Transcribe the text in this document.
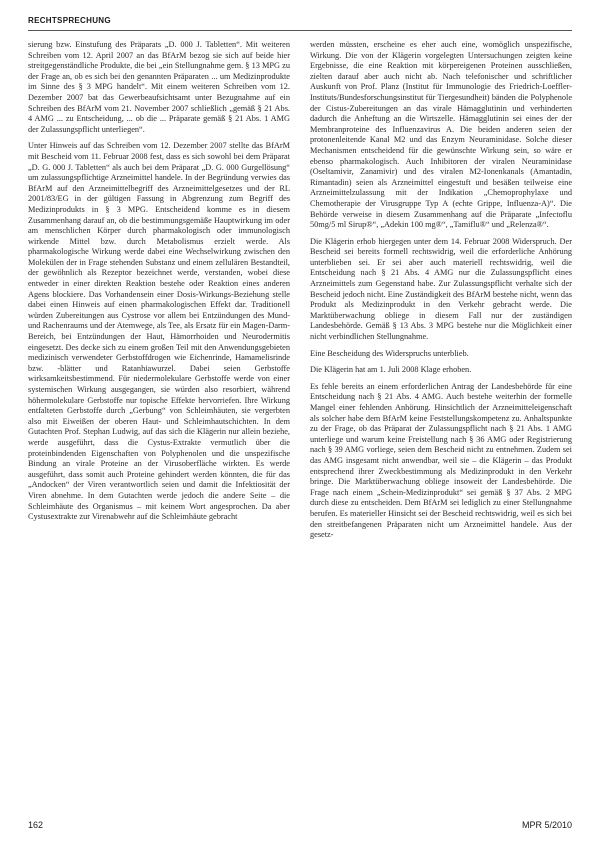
RECHTSPRECHUNG

sierung bzw. Einstufung des Präparats „D. 000 J. Tabletten“. Mit weiteren Schreiben vom 12. April 2007 an das BfArM bezog sie sich auf beide hier streitgegenständliche Produkte, die bei „ein Stellungnahme gem. § 13 MPG zu der Frage an, ob es sich bei den genannten Präparaten ... um Medizinprodukte im Sinne des § 3 MPG handelt“. Mit einem weiteren Schreiben vom 12. Dezember 2007 bat das Gewerbeaufsichtsamt unter Bezugnahme auf ein Schreiben des BfArM vom 21. November 2007 schließlich „gemäß § 21 Abs. 4 AMG ... zu Entscheidung, ... ob die ... Präparate gemäß § 21 Abs. 1 AMG der Zulassungspflicht unterliegen“.

Unter Hinweis auf das Schreiben vom 12. Dezember 2007 stellte das BfArM mit Bescheid vom 11. Februar 2008 fest, dass es sich sowohl bei dem Präparat „D. G. 000 J. Tabletten“ als auch bei dem Präparat „D. G. 000 Gurgellösung“ um zulassungspflichtige Arzneimittel handele. In der Begründung verwies das BfArM auf den Arzneimittelbegriff des Arzneimittelgesetzes und der RL 2001/83/EG in der gültigen Fassung in Abgrenzung zum Begriff des Medizinprodukts in § 3 MPG. Entscheidend komme es in diesem Zusammenhang darauf an, ob die bestimmungsgemäße Hauptwirkung im oder am menschlichen Körper durch pharmakologisch oder immunologisch wirkende Mittel bzw. durch Metabolismus erzielt werde. Als pharmakologische Wirkung werde dabei eine Wechselwirkung zwischen den Molekülen der in Frage stehenden Substanz und einem zellulären Bestandteil, der gewöhnlich als Rezeptor bezeichnet werde, verstanden, wobei diese entweder in einer direkten Reaktion bestehe oder Reaktion eines anderen Agens blockiere. Das Vorhandensein einer Dosis-Wirkungs-Beziehung stelle dabei einen Hinweis auf einen pharmakologischen Effekt dar. Traditionell würden Zubereitungen aus Cystrose vor allem bei Entzündungen des Mund- und Rachenraums und der Atemwege, als Tee, als Ersatz für ein Magen-Darm-Bereich, bei Entzündungen der Haut, Hämorrhoiden und Neurodermitis eingesetzt. Des decke sich zu einem großen Teil mit den Anwendungsgebieten medizinisch verwendeter Gerbstoffdrogen wie Eichenrinde, Hamamelisrinde bzw. -blätter und Ratanhiawurzel. Dabei seien Gerbstoffe wirksamkeitsbestimmend. Für niedermolekulare Gerbstoffe werde von einer systemischen Wirkung ausgegangen, sie würden also resorbiert, während höhermolekulare Gerbstoffe nur topische Effekte hervorriefen. Ihre Wirkung entfalteten Gerbstoffe durch „Gerbung“ von Schleimhäuten, sie vergerbten also mit Eiweißen der oberen Haut- und Schleimhautschichten. In dem Gutachten Prof. Stephan Ludwig, auf das sich die Klägerin nur allein beziehe, werde ausgeführt, dass die Cystus-Extrakte vermutlich über die proteinbindenden Eigenschaften von Polyphenolen und die unspezifische Bindung an virale Proteine an der Virusoberfläche wirkten. Es werde ausgeführt, dass somit auch Proteine gehindert werden könnten, die für das „Andocken“ der Viren verantwortlich seien und damit die Infektiosität der Viren abnehme. In dem Gutachten werde jedoch die andere Seite – die Schleimhäute des Organismus – mit keinem Wort angesprochen. Da aber Cystusextrakte zur Virenabwehr auf die Schleimhäute gebracht

werden müssten, erscheine es eher auch eine, womöglich unspezifische, Wirkung. Die von der Klägerin vorgelegten Untersuchungen zeigten keine Ergebnisse, die eine Reaktion mit körpereigenen Proteinen ausschließen, zielten darauf aber auch nicht ab. Nach telefonischer und schriftlicher Auskunft von Prof. Planz (Institut für Immunologie des Friedrich-Loeffler-Instituts/Bundesforschungsinstitut für Tiergesundheit) bänden die Polyphenole der Cistus-Zubereitungen an das virale Hämagglutinin und verhinderten dadurch die Anheftung an die Wirtszelle. Hämagglutinin sei eines der der Membranproteine des Influenzavirus A. Die beiden anderen seien der protonenleitende Kanal M2 und das Enzym Neuraminidase. Solche dieser Mechanismen entscheidend für die gewünschte Wirkung sein, so wäre er ebenso pharmakologisch. Auch Inhibitoren der viralen Neuraminidase (Oseltamivir, Zanamivir) und des viralen M2-Ionenkanals (Amantadin, Rimantadin) seien als Arzneimittel eingestuft und besäßen teilweise eine Arzneimittelzulassung mit der Indikation „Chemoprophylaxe und Chemotherapie der Virusgruppe Typ A (echte Grippe, Influenza-A)“. Die Behörde verweise in diesem Zusammenhang auf die Präparate „Infectoflu 50mg/5 ml Sirup®“, „Adekin 100 mg®“, „Tamiflu®“ und „Relenza®“.

Die Klägerin erhob hiergegen unter dem 14. Februar 2008 Widerspruch. Der Bescheid sei bereits formell rechtswidrig, weil die erforderliche Anhörung unterblieben sei. Er sei aber auch materiell rechtswidrig, weil die Entscheidung nach § 21 Abs. 4 AMG nur die Zulassungspflicht eines Arzneimittels zum Gegenstand habe. Zur Zulassungspflicht verhalte sich der Bescheid jedoch nicht. Eine Zuständigkeit des BfArM bestehe nicht, wenn das Produkt als Medizinprodukt in den Verkehr gebracht werde. Die Marktüberwachung obliege in diesem Fall nur der zuständigen Landesbehörde. Gemäß § 13 Abs. 3 MPG bestehe nur die Möglichkeit einer nicht verbindlichen Stellungnahme.

Eine Bescheidung des Widerspruchs unterblieb.

Die Klägerin hat am 1. Juli 2008 Klage erhoben.

Es fehle bereits an einem erforderlichen Antrag der Landesbehörde für eine Entscheidung nach § 21 Abs. 4 AMG. Auch bestehe weiterhin der formelle Mangel einer fehlenden Anhörung. Hinsichtlich der Arzneimitteleigenschaft als solcher habe dem BfArM keine Feststellungskompetenz zu. Anhaltspunkte zu der Frage, ob das Präparat der Zulassungspflicht nach § 21 Abs. 1 AMG unterliege und warum keine Freistellung nach § 36 AMG oder Registrierung nach § 39 AMG vorliege, seien dem Bescheid nicht zu entnehmen. Zudem sei das AMG insgesamt nicht anwendbar, weil sie – die Klägerin – das Produkt entsprechend ihrer Zweckbestimmung als Medizinprodukt in den Verkehr bringe. Die Marktüberwachung obliege insoweit der Landesbehörde. Die Frage nach einem „Schein-Medizinprodukt“ sei gemäß § 37 Abs. 2 MPG durch diese zu entscheiden. Dem BfArM sei lediglich zu einer Stellungnahme berufen. Es materieller Hinsicht sei der Bescheid rechtswidrig, weil es sich bei den streitbefangenen Präparaten nicht um Arzneimittel handele. Aus der gesetz-

162	MPR 5/2010
